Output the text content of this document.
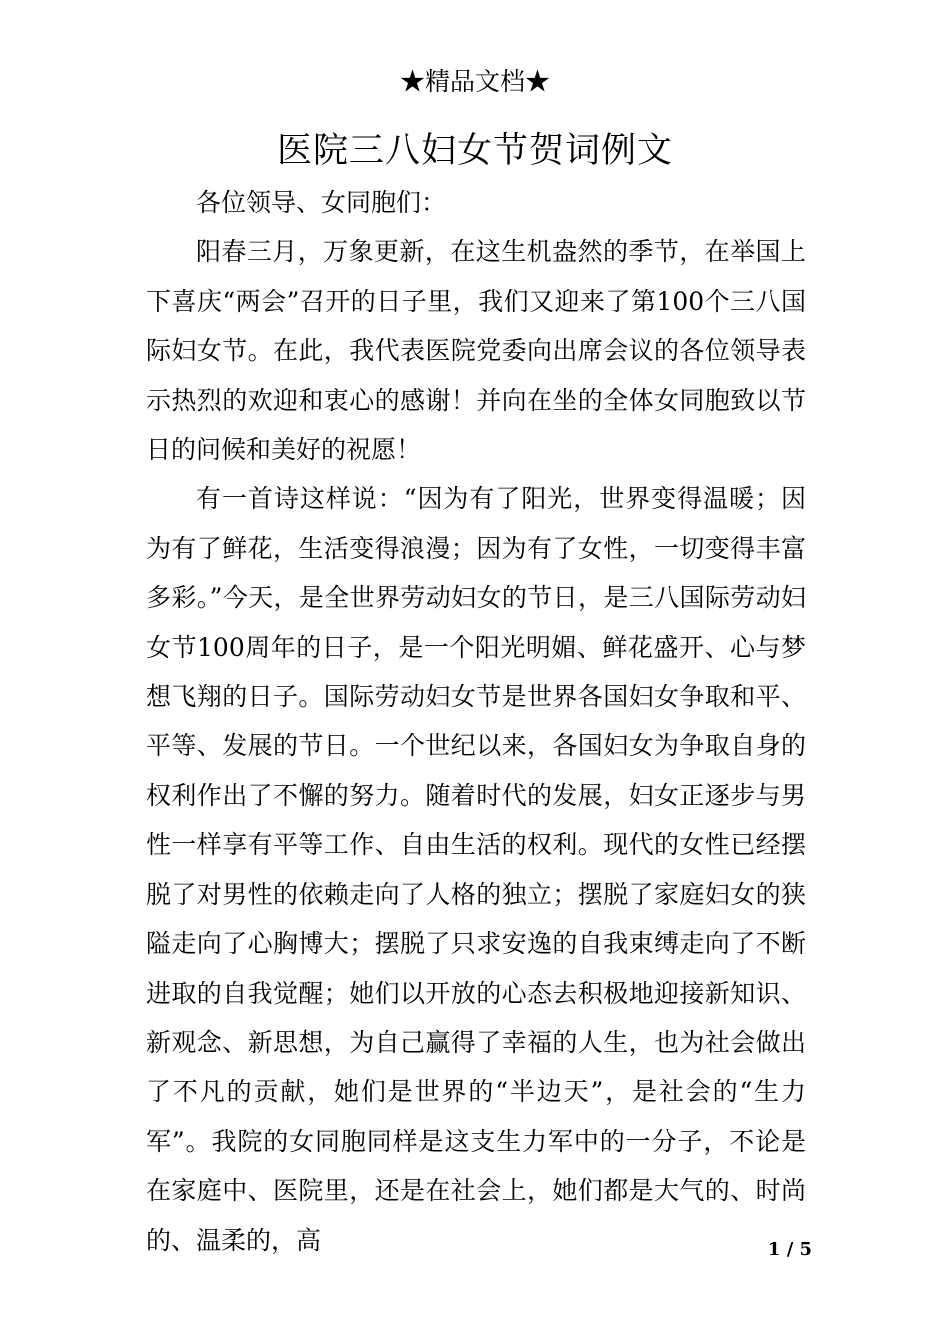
★精品文档★
医院三八妇女节贺词例文

各位领导、女同胞们：

阳春三月，万象更新，在这生机盎然的季节，在举国上下喜庆“两会”召开的日子里，我们又迎来了第100个三八国际妇女节。在此，我代表医院党委向出席会议的各位领导表示热烈的欢迎和衷心的感谢！并向在坐的全体女同胞致以节日的问候和美好的祝愿！

有一首诗这样说：“因为有了阳光，世界变得温暖；因为有了鲜花，生活变得浪漫；因为有了女性，一切变得丰富多彩。”今天，是全世界劳动妇女的节日，是三八国际劳动妇女节100周年的日子，是一个阳光明媚、鲜花盛开、心与梦想飞翔的日子。国际劳动妇女节是世界各国妇女争取和平、平等、发展的节日。一个世纪以来，各国妇女为争取自身的权利作出了不懈的努力。随着时代的发展，妇女正逐步与男性一样享有平等工作、自由生活的权利。现代的女性已经摆脱了对男性的依赖走向了人格的独立；摆脱了家庭妇女的狭隘走向了心胸博大；摆脱了只求安逸的自我束缚走向了不断进取的自我觉醒；她们以开放的心态去积极地迎接新知识、新观念、新思想，为自己赢得了幸福的人生，也为社会做出了不凡的贡献，她们是世界的“半边天”，是社会的“生力军”。我院的女同胞同样是这支生力军中的一分子，不论是在家庭中、医院里，还是在社会上，她们都是大气的、时尚的、温柔的，高	1 / 5
